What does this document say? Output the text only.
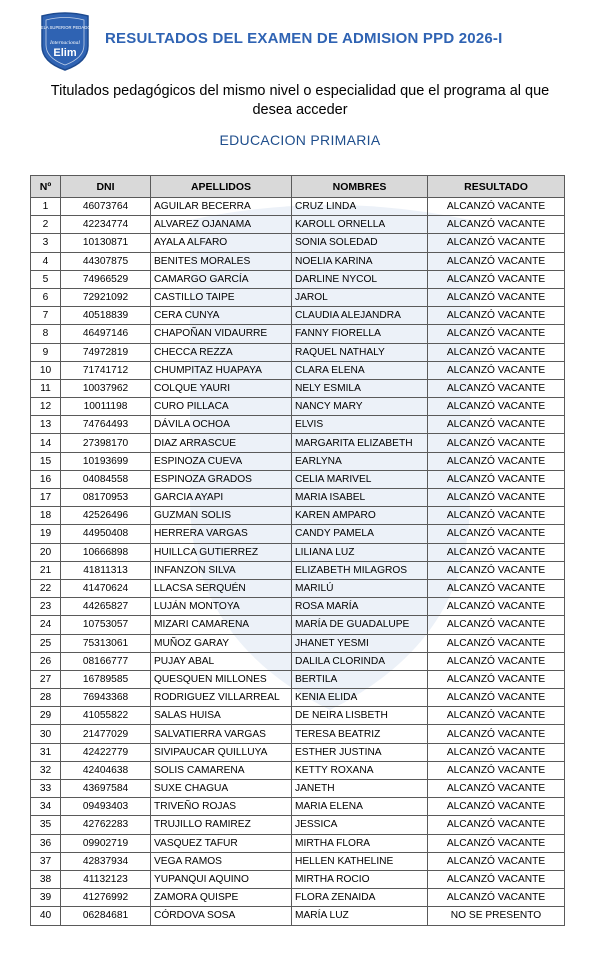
ESCUELA SUPERIOR PEDAGÓGICA
Internacional
Elim
RESULTADOS DEL EXAMEN DE ADMISION PPD 2026-I
Titulados pedagógicos del mismo nivel o especialidad que el programa al que desea acceder
EDUCACION PRIMARIA
Nº	DNI	APELLIDOS	NOMBRES	RESULTADO
1	46073764	AGUILAR BECERRA	CRUZ LINDA	ALCANZÓ VACANTE
2	42234774	ALVAREZ OJANAMA	KAROLL ORNELLA	ALCANZÓ VACANTE
3	10130871	AYALA ALFARO	SONIA SOLEDAD	ALCANZÓ VACANTE
4	44307875	BENITES MORALES	NOELIA KARINA	ALCANZÓ VACANTE
5	74966529	CAMARGO GARCÍA	DARLINE NYCOL	ALCANZÓ VACANTE
6	72921092	CASTILLO TAIPE	JAROL	ALCANZÓ VACANTE
7	40518839	CERA CUNYA	CLAUDIA ALEJANDRA	ALCANZÓ VACANTE
8	46497146	CHAPOÑAN VIDAURRE	FANNY FIORELLA	ALCANZÓ VACANTE
9	74972819	CHECCA REZZA	RAQUEL NATHALY	ALCANZÓ VACANTE
10	71741712	CHUMPITAZ HUAPAYA	CLARA ELENA	ALCANZÓ VACANTE
11	10037962	COLQUE YAURI	NELY ESMILA	ALCANZÓ VACANTE
12	10011198	CURO PILLACA	NANCY MARY	ALCANZÓ VACANTE
13	74764493	DÁVILA OCHOA	ELVIS	ALCANZÓ VACANTE
14	27398170	DIAZ ARRASCUE	MARGARITA ELIZABETH	ALCANZÓ VACANTE
15	10193699	ESPINOZA CUEVA	EARLYNA	ALCANZÓ VACANTE
16	04084558	ESPINOZA GRADOS	CELIA MARIVEL	ALCANZÓ VACANTE
17	08170953	GARCIA AYAPI	MARIA ISABEL	ALCANZÓ VACANTE
18	42526496	GUZMAN SOLIS	KAREN AMPARO	ALCANZÓ VACANTE
19	44950408	HERRERA VARGAS	CANDY PAMELA	ALCANZÓ VACANTE
20	10666898	HUILLCA GUTIERREZ	LILIANA LUZ	ALCANZÓ VACANTE
21	41811313	INFANZON SILVA	ELIZABETH MILAGROS	ALCANZÓ VACANTE
22	41470624	LLACSA SERQUÉN	MARILÚ	ALCANZÓ VACANTE
23	44265827	LUJÁN MONTOYA	ROSA MARÍA	ALCANZÓ VACANTE
24	10753057	MIZARI CAMARENA	MARÍA DE GUADALUPE	ALCANZÓ VACANTE
25	75313061	MUÑOZ GARAY	JHANET YESMI	ALCANZÓ VACANTE
26	08166777	PUJAY ABAL	DALILA CLORINDA	ALCANZÓ VACANTE
27	16789585	QUESQUEN MILLONES	BERTILA	ALCANZÓ VACANTE
28	76943368	RODRIGUEZ VILLARREAL	KENIA ELIDA	ALCANZÓ VACANTE
29	41055822	SALAS HUISA	DE NEIRA LISBETH	ALCANZÓ VACANTE
30	21477029	SALVATIERRA VARGAS	TERESA BEATRIZ	ALCANZÓ VACANTE
31	42422779	SIVIPAUCAR QUILLUYA	ESTHER JUSTINA	ALCANZÓ VACANTE
32	42404638	SOLIS CAMARENA	KETTY ROXANA	ALCANZÓ VACANTE
33	43697584	SUXE CHAGUA	JANETH	ALCANZÓ VACANTE
34	09493403	TRIVEÑO ROJAS	MARIA ELENA	ALCANZÓ VACANTE
35	42762283	TRUJILLO RAMIREZ	JESSICA	ALCANZÓ VACANTE
36	09902719	VASQUEZ TAFUR	MIRTHA FLORA	ALCANZÓ VACANTE
37	42837934	VEGA RAMOS	HELLEN KATHELINE	ALCANZÓ VACANTE
38	41132123	YUPANQUI AQUINO	MIRTHA ROCIO	ALCANZÓ VACANTE
39	41276992	ZAMORA QUISPE	FLORA ZENAIDA	ALCANZÓ VACANTE
40	06284681	CÓRDOVA SOSA	MARÍA LUZ	NO SE PRESENTO
